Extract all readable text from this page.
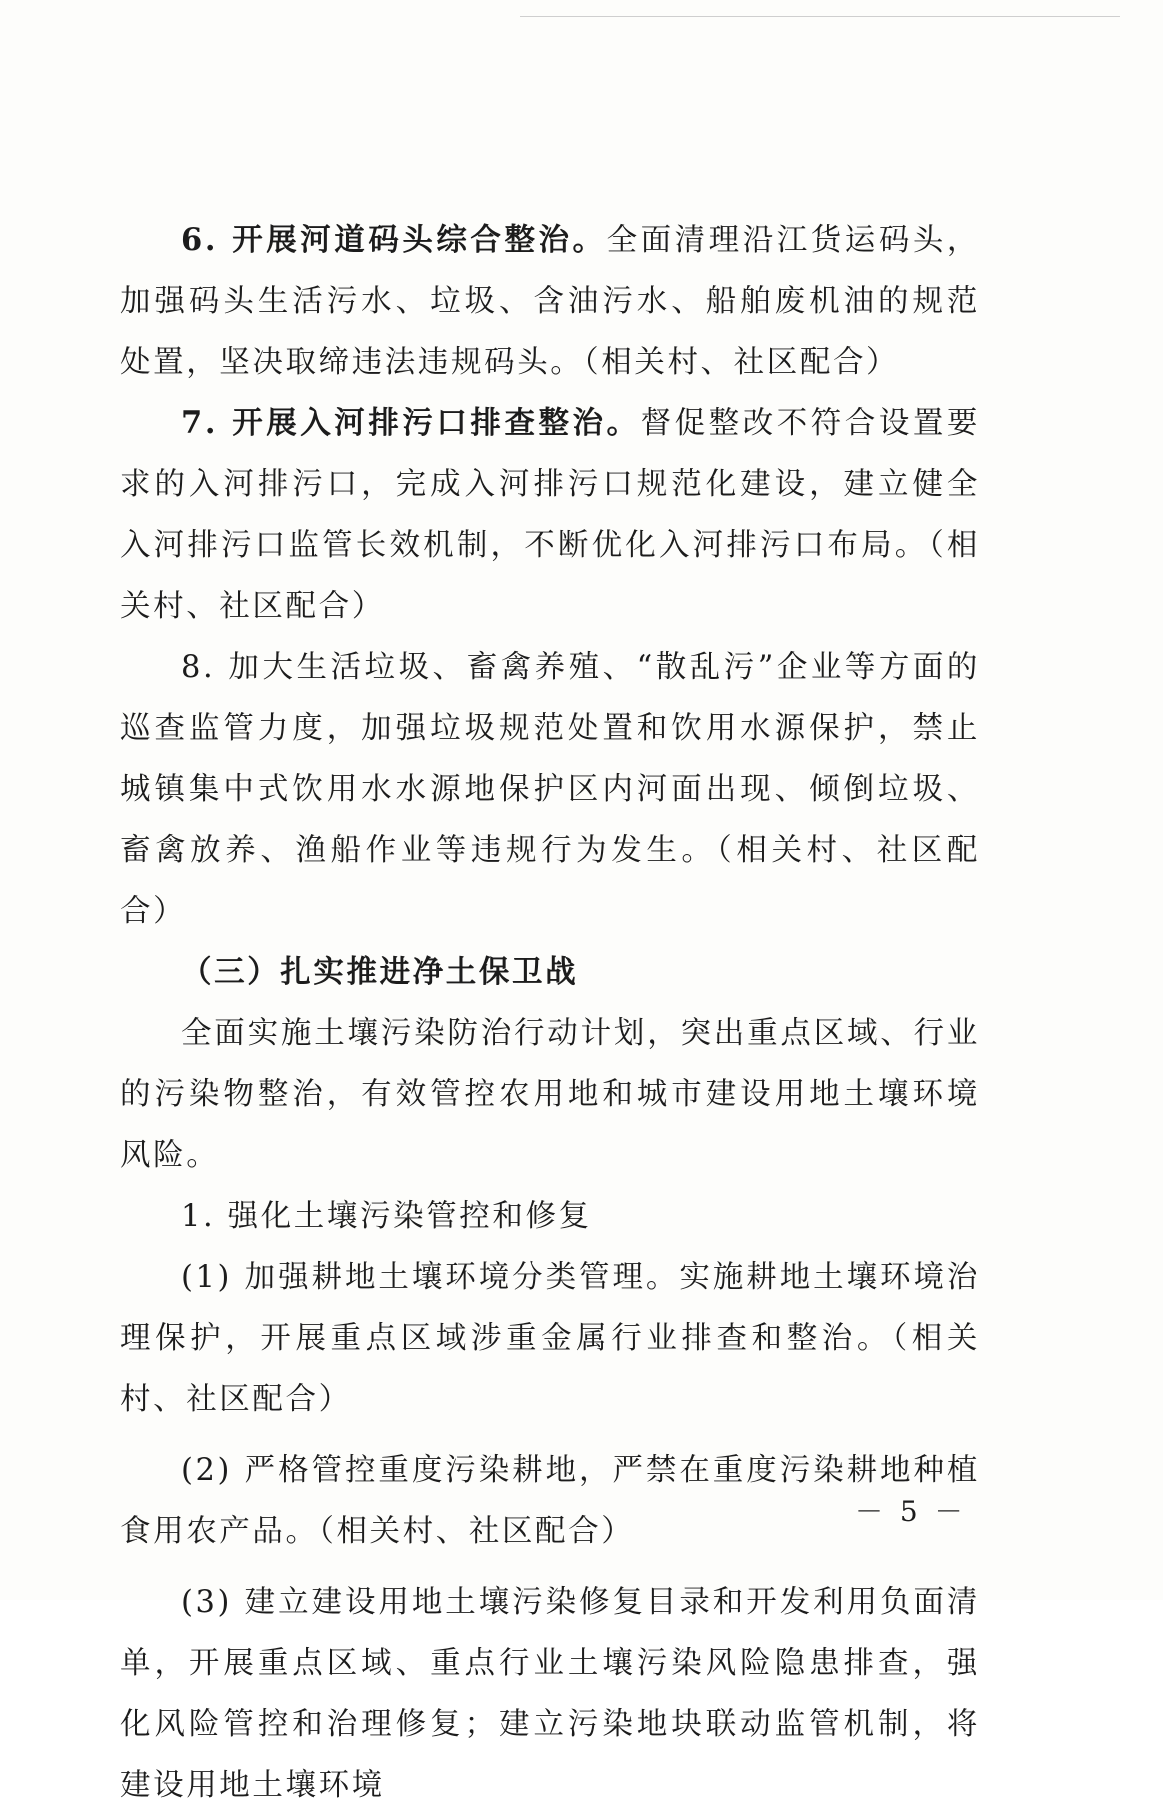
6. 开展河道码头综合整治。全面清理沿江货运码头，加强码头生活污水、垃圾、含油污水、船舶废机油的规范处置，坚决取缔违法违规码头。（相关村、社区配合）

7. 开展入河排污口排查整治。督促整改不符合设置要求的入河排污口，完成入河排污口规范化建设，建立健全入河排污口监管长效机制，不断优化入河排污口布局。（相关村、社区配合）

8. 加大生活垃圾、畜禽养殖、“散乱污”企业等方面的巡查监管力度，加强垃圾规范处置和饮用水源保护，禁止城镇集中式饮用水水源地保护区内河面出现、倾倒垃圾、畜禽放养、渔船作业等违规行为发生。（相关村、社区配合）

（三）扎实推进净土保卫战

全面实施土壤污染防治行动计划，突出重点区域、行业的污染物整治，有效管控农用地和城市建设用地土壤环境风险。

1. 强化土壤污染管控和修复

(1) 加强耕地土壤环境分类管理。实施耕地土壤环境治理保护，开展重点区域涉重金属行业排查和整治。（相关村、社区配合）

(2) 严格管控重度污染耕地，严禁在重度污染耕地种植食用农产品。（相关村、社区配合）

(3) 建立建设用地土壤污染修复目录和开发利用负面清单，开展重点区域、重点行业土壤污染风险隐患排查，强化风险管控和治理修复；建立污染地块联动监管机制，将建设用地土壤环境

－ 5 －
